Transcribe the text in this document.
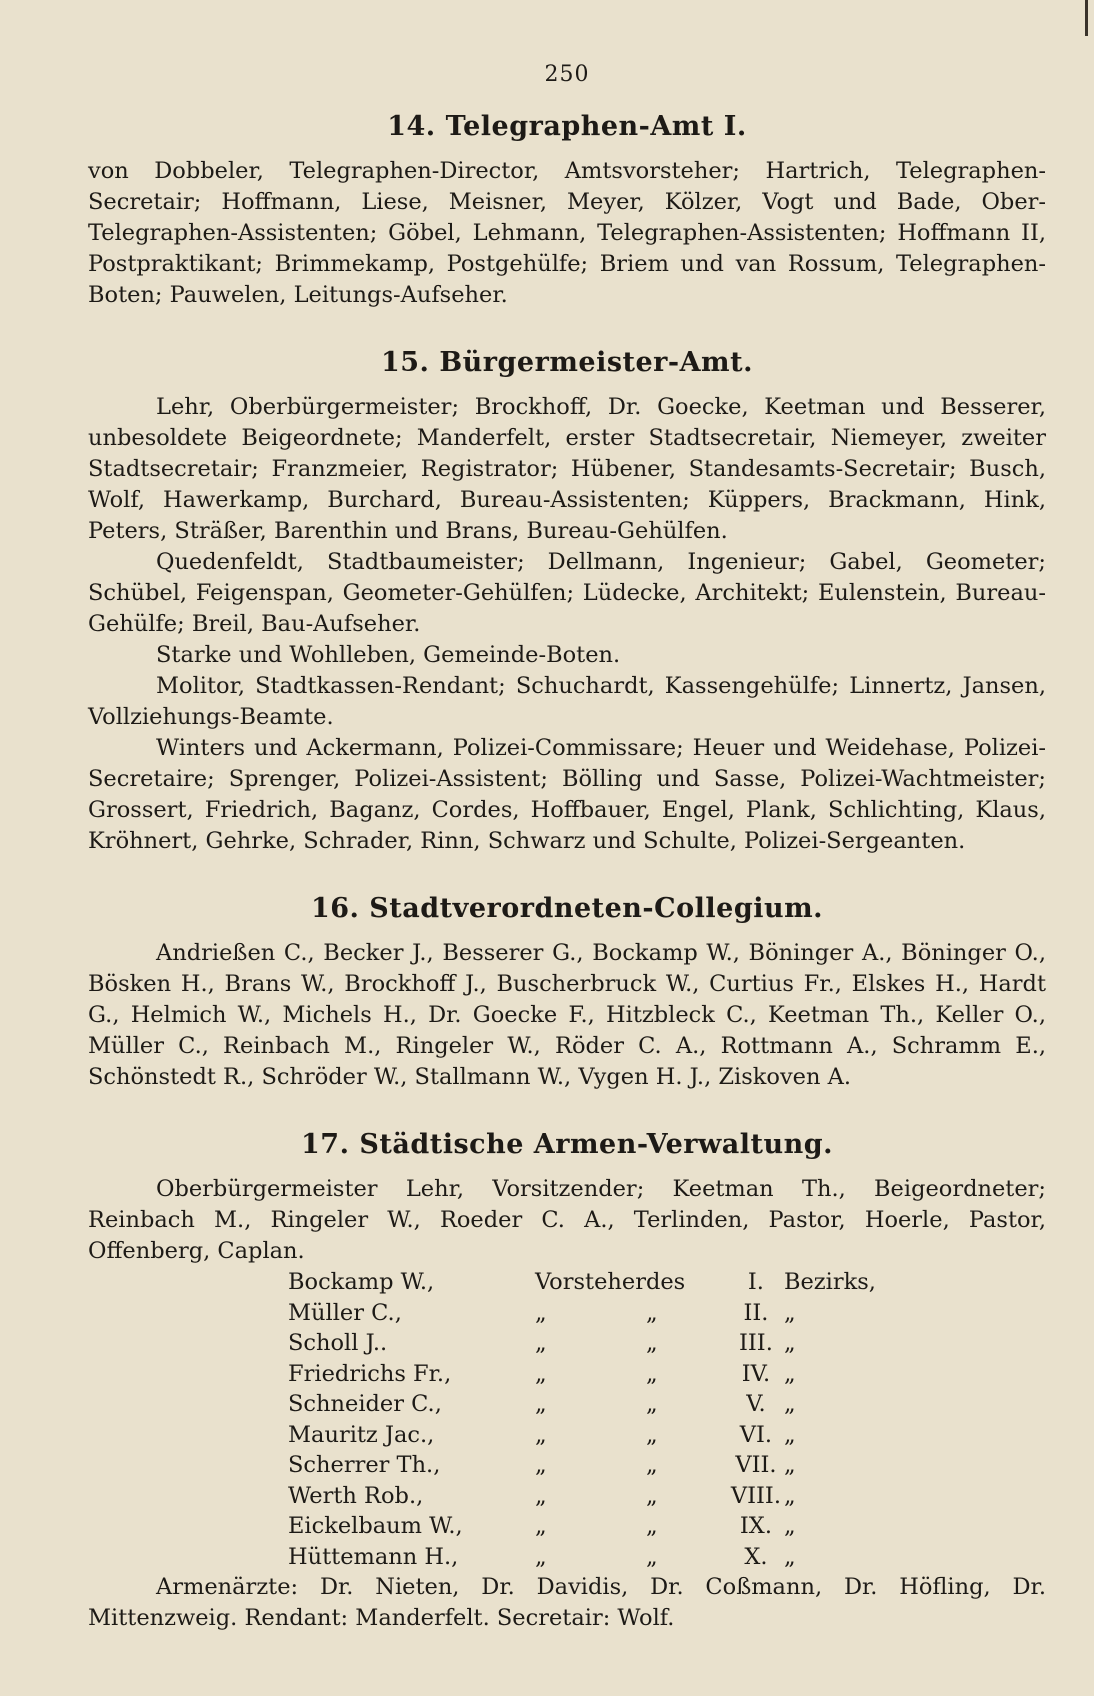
250
14. Telegraphen-Amt I.

von Dobbeler, Telegraphen-Director, Amtsvorsteher; Hartrich, Telegraphen-Secretair; Hoffmann, Liese, Meisner, Meyer, Kölzer, Vogt und Bade, Ober-Telegraphen-Assistenten; Göbel, Lehmann, Telegraphen-Assistenten; Hoffmann II, Postpraktikant; Brimmekamp, Postgehülfe; Briem und van Rossum, Telegraphen-Boten; Pauwelen, Leitungs-Aufseher.

15. Bürgermeister-Amt.

Lehr, Oberbürgermeister; Brockhoff, Dr. Goecke, Keetman und Besserer, unbesoldete Beigeordnete; Manderfelt, erster Stadtsecretair, Niemeyer, zweiter Stadtsecretair; Franzmeier, Registrator; Hübener, Standesamts-Secretair; Busch, Wolf, Hawerkamp, Burchard, Bureau-Assistenten; Küppers, Brackmann, Hink, Peters, Sträßer, Barenthin und Brans, Bureau-Gehülfen.

Quedenfeldt, Stadtbaumeister; Dellmann, Ingenieur; Gabel, Geometer; Schübel, Feigenspan, Geometer-Gehülfen; Lüdecke, Architekt; Eulenstein, Bureau-Gehülfe; Breil, Bau-Aufseher.

Starke und Wohlleben, Gemeinde-Boten.

Molitor, Stadtkassen-Rendant; Schuchardt, Kassengehülfe; Linnertz, Jansen, Vollziehungs-Beamte.

Winters und Ackermann, Polizei-Commissare; Heuer und Weidehase, Polizei-Secretaire; Sprenger, Polizei-Assistent; Bölling und Sasse, Polizei-Wachtmeister; Grossert, Friedrich, Baganz, Cordes, Hoffbauer, Engel, Plank, Schlichting, Klaus, Kröhnert, Gehrke, Schrader, Rinn, Schwarz und Schulte, Polizei-Sergeanten.

16. Stadtverordneten-Collegium.

Andrießen C., Becker J., Besserer G., Bockamp W., Böninger A., Böninger O., Bösken H., Brans W., Brockhoff J., Buscherbruck W., Curtius Fr., Elskes H., Hardt G., Helmich W., Michels H., Dr. Goecke F., Hitzbleck C., Keetman Th., Keller O., Müller C., Reinbach M., Ringeler W., Röder C. A., Rottmann A., Schramm E., Schönstedt R., Schröder W., Stallmann W., Vygen H. J., Ziskoven A.

17. Städtische Armen-Verwaltung.

Oberbürgermeister Lehr, Vorsitzender; Keetman Th., Beigeordneter; Reinbach M., Ringeler W., Roeder C. A., Terlinden, Pastor, Hoerle, Pastor, Offenberg, Caplan.

Bockamp W.,	Vorsteher	des	I.	Bezirks,
Müller C.,	„	„	II.	„
Scholl J..	„	„	III.	„
Friedrichs Fr.,	„	„	IV.	„
Schneider C.,	„	„	V.	„
Mauritz Jac.,	„	„	VI.	„
Scherrer Th.,	„	„	VII.	„
Werth Rob.,	„	„	VIII.	„
Eickelbaum W.,	„	„	IX.	„
Hüttemann H.,	„	„	X.	„

Armenärzte: Dr. Nieten, Dr. Davidis, Dr. Coßmann, Dr. Höfling, Dr. Mittenzweig. Rendant: Manderfelt. Secretair: Wolf.
